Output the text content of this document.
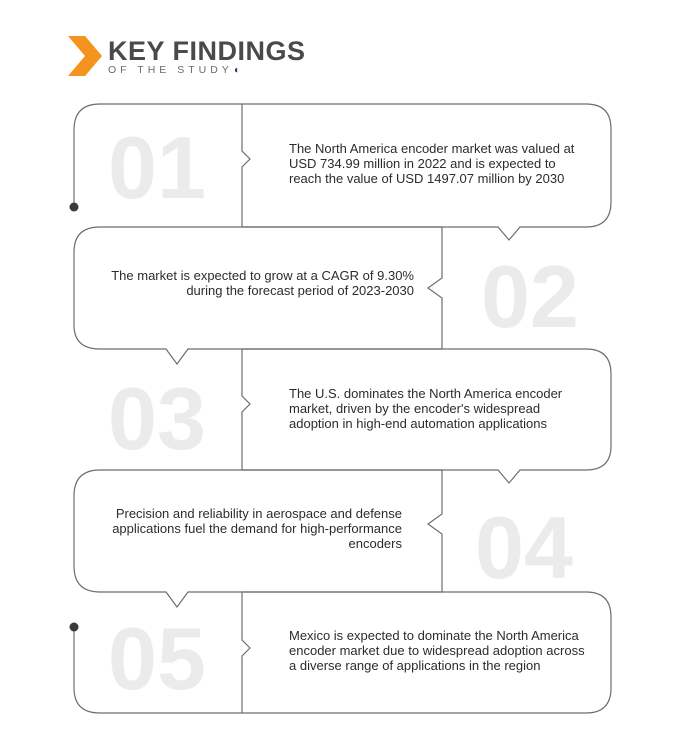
KEY FINDINGS
OF THE STUDY◖
01
02
03
04
05
The North America encoder market was valued at USD 734.99 million in 2022 and is expected to reach the value of USD 1497.07 million by 2030
The market is expected to grow at a CAGR of 9.30% during the forecast period of 2023-2030
The U.S. dominates the North America encoder market, driven by the encoder's widespread adoption in high-end automation applications
Precision and reliability in aerospace and defense applications fuel the demand for high-performance encoders
Mexico is expected to dominate the North America encoder market due to widespread adoption across a diverse range of applications in the region
